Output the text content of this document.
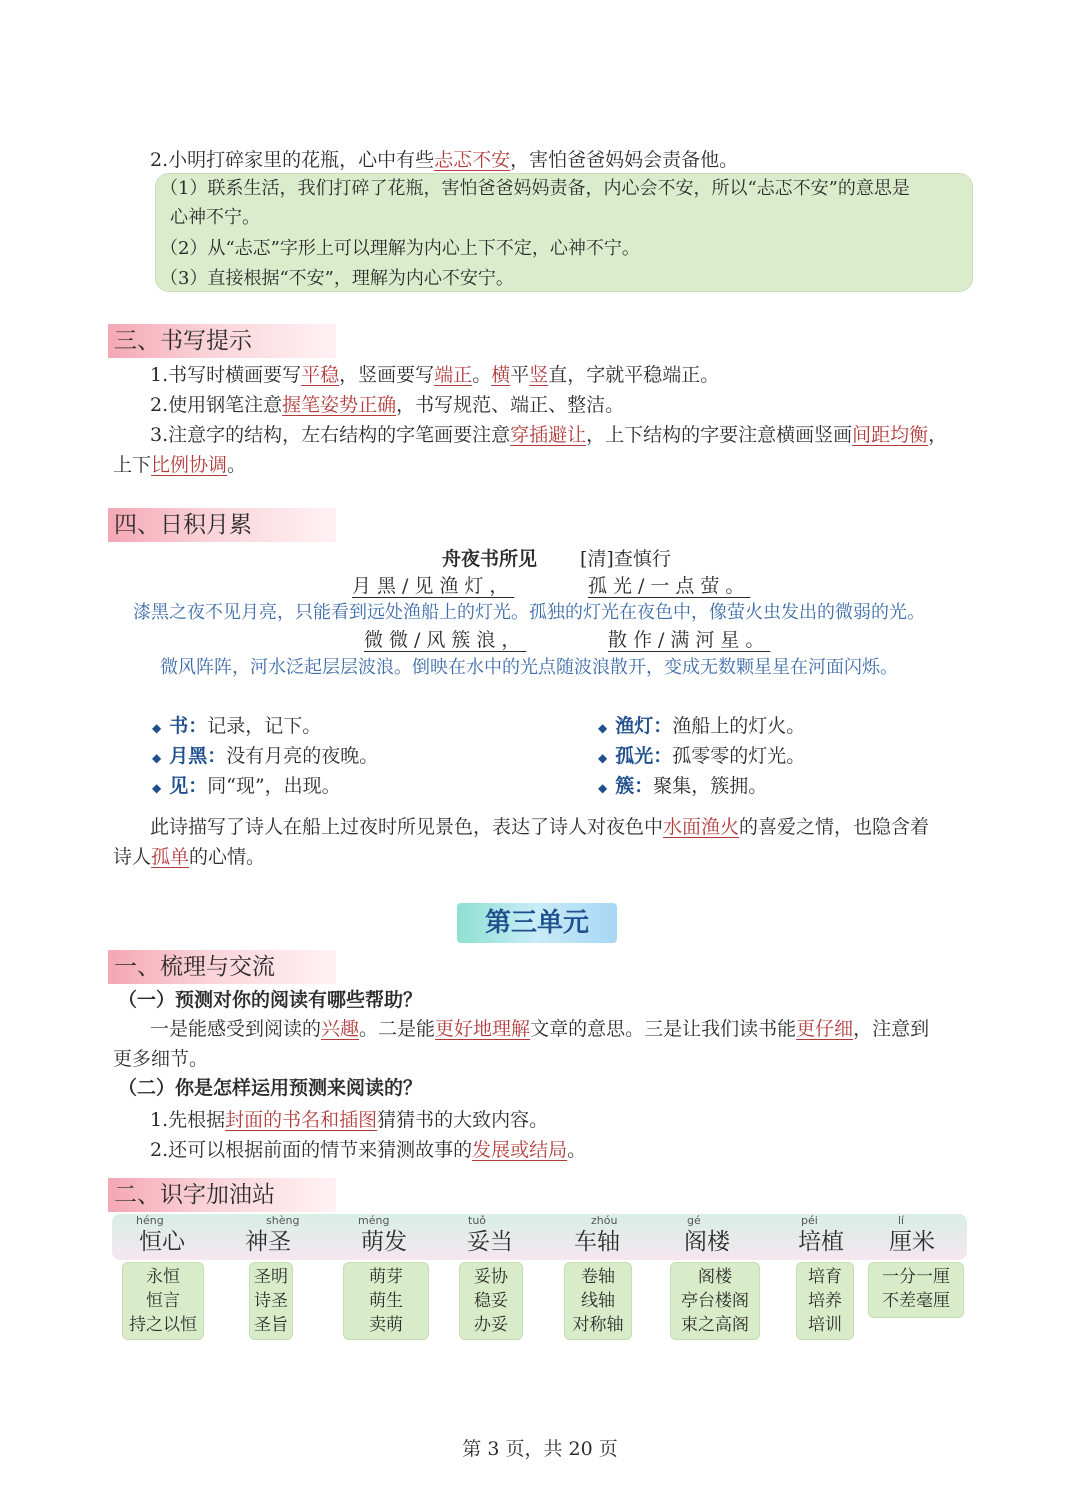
2.小明打碎家里的花瓶，心中有些忐忑不安，害怕爸爸妈妈会责备他。
（1）联系生活，我们打碎了花瓶，害怕爸爸妈妈责备，内心会不安，所以“忐忑不安”的意思是
心神不宁。
（2）从“忐忑”字形上可以理解为内心上下不定，心神不宁。
（3）直接根据“不安”，理解为内心不安宁。
三、书写提示
1.书写时横画要写平稳，竖画要写端正。横平竖直，字就平稳端正。
2.使用钢笔注意握笔姿势正确，书写规范、端正、整洁。
3.注意字的结构，左右结构的字笔画要注意穿插避让，上下结构的字要注意横画竖画间距均衡，
上下比例协调。
四、日积月累
舟夜书所见 [清]查慎行
月黑/见渔灯，	孤光/一点萤。
漆黑之夜不见月亮，只能看到远处渔船上的灯光。孤独的灯光在夜色中，像萤火虫发出的微弱的光。
微微/风簇浪，	散作/满河星。
微风阵阵，河水泛起层层波浪。倒映在水中的光点随波浪散开，变成无数颗星星在河面闪烁。
◆ 书：记录，记下。
◆ 月黑：没有月亮的夜晚。
◆ 见：同“现”，出现。
◆ 渔灯：渔船上的灯火。
◆ 孤光：孤零零的灯光。
◆ 簇：聚集，簇拥。
此诗描写了诗人在船上过夜时所见景色，表达了诗人对夜色中水面渔火的喜爱之情，也隐含着
诗人孤单的心情。
第三单元
一、梳理与交流
（一）预测对你的阅读有哪些帮助？
一是能感受到阅读的兴趣。二是能更好地理解文章的意思。三是让我们读书能更仔细，注意到
更多细节。
（二）你是怎样运用预测来阅读的？
1.先根据封面的书名和插图猜猜书的大致内容。
2.还可以根据前面的情节来猜测故事的发展或结局。
二、识字加油站
héng
恒心
shèng
神圣
méng
萌发
tuǒ
妥当
zhóu
车轴
gé
阁楼
péi
培植
lí
厘米
永恒
恒言
持之以恒
圣明
诗圣
圣旨
萌芽
萌生
卖萌
妥协
稳妥
办妥
卷轴
线轴
对称轴
阁楼
亭台楼阁
束之高阁
培育
培养
培训
一分一厘
不差毫厘
第 3 页，共 20 页
